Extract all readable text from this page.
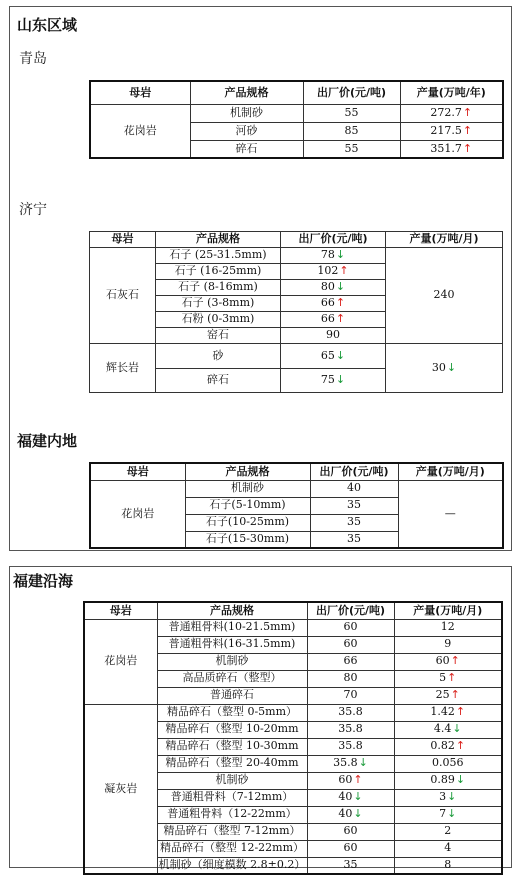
山东区域
青岛
母岩	产品规格	出厂价(元/吨)	产量(万吨/年)
花岗岩	机制砂	55	272.7↑
	河砂	85	217.5↑
	碎石	55	351.7↑
济宁
母岩	产品规格	出厂价(元/吨)	产量(万吨/月)
石灰石	石子 (25-31.5mm)	78↓	240
	石子 (16-25mm)	102↑	
	石子 (8-16mm)	80↓	
	石子 (3-8mm)	66↑	
	石粉 (0-3mm)	66↑	
	窑石	90	
辉长岩	砂	65↓	30↓
	碎石	75↓	
福建内地
母岩	产品规格	出厂价(元/吨)	产量(万吨/月)
花岗岩	机制砂	40	—
	石子(5-10mm)	35	
	石子(10-25mm)	35	
	石子(15-30mm)	35	
福建沿海
母岩	产品规格	出厂价(元/吨)	产量(万吨/月)
花岗岩	普通粗骨料(10-21.5mm)	60	12
	普通粗骨料(16-31.5mm)	60	9
	机制砂	66	60↑
	高品质碎石（整型）	80	5↑
	普通碎石	70	25↑
凝灰岩	精品碎石（整型 0-5mm）	35.8	1.42↑
	精品碎石（整型 10-20mm	35.8	4.4↓
	精品碎石（整型 10-30mm	35.8	0.82↑
	精品碎石（整型 20-40mm	35.8↓	0.056
	机制砂	60↑	0.89↓
	普通粗骨料（7-12mm）	40↓	3↓
	普通粗骨料（12-22mm）	40↓	7↓
	精品碎石（整型 7-12mm）	60	2
	精品碎石（整型 12-22mm）	60	4
	机制砂（细度模数 2.8±0.2）	35	8
